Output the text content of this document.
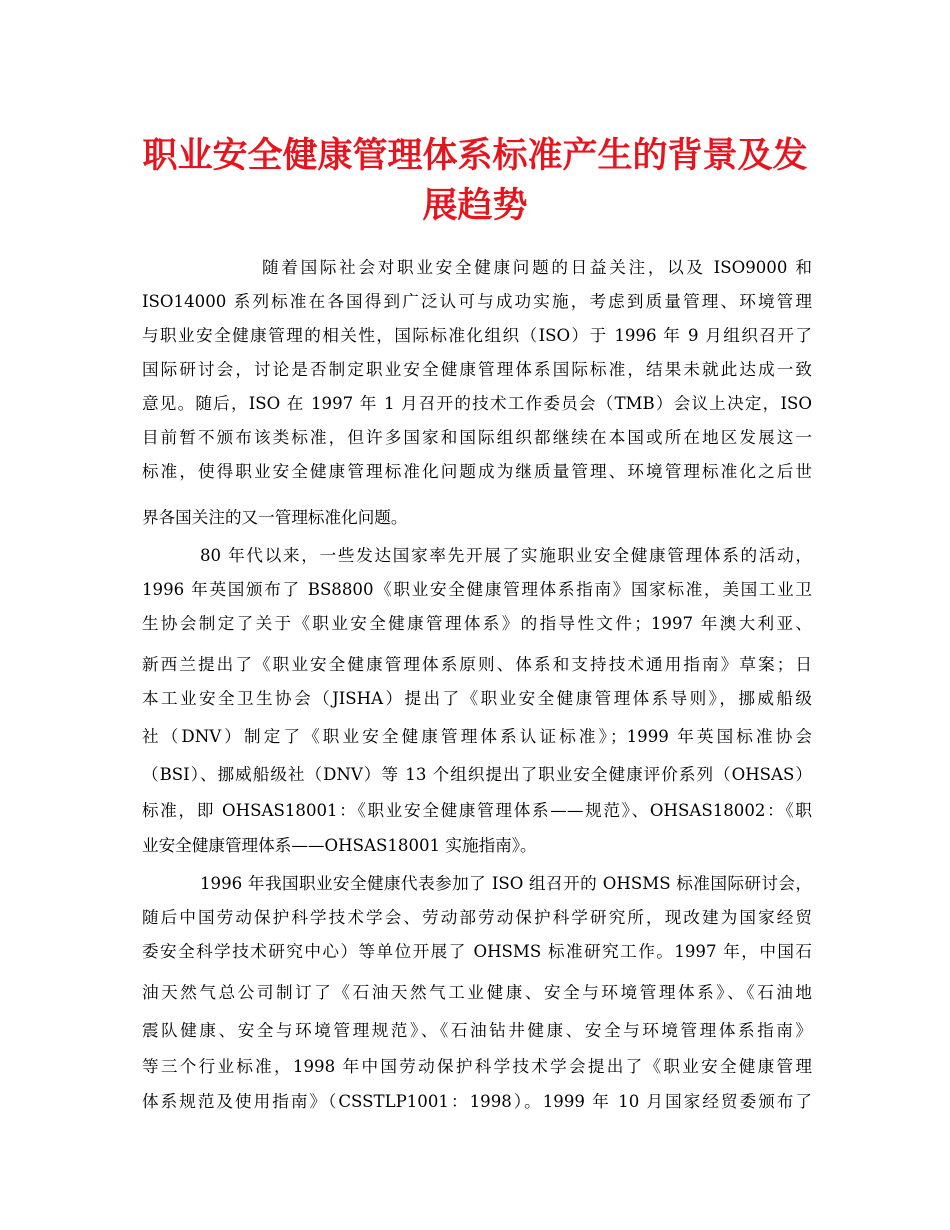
职业安全健康管理体系标准产生的背景及发
展趋势
随着国际社会对职业安全健康问题的日益关注，以及 ISO9000 和
ISO14000 系列标准在各国得到广泛认可与成功实施，考虑到质量管理、环境管理
与职业安全健康管理的相关性，国际标准化组织（ISO）于 1996 年 9 月组织召开了
国际研讨会，讨论是否制定职业安全健康管理体系国际标准，结果未就此达成一致
意见。随后，ISO 在 1997 年 1 月召开的技术工作委员会（TMB）会议上决定，ISO
目前暂不颁布该类标准，但许多国家和国际组织都继续在本国或所在地区发展这一
标准，使得职业安全健康管理标准化问题成为继质量管理、环境管理标准化之后世
界各国关注的又一管理标准化问题。
80 年代以来，一些发达国家率先开展了实施职业安全健康管理体系的活动，
1996 年英国颁布了 BS8800《职业安全健康管理体系指南》国家标准，美国工业卫
生协会制定了关于《职业安全健康管理体系》的指导性文件；1997 年澳大利亚、
新西兰提出了《职业安全健康管理体系原则、体系和支持技术通用指南》草案；日
本工业安全卫生协会（JISHA）提出了《职业安全健康管理体系导则》，挪威船级
社（DNV）制定了《职业安全健康管理体系认证标准》；1999 年英国标准协会
（BSI）、挪威船级社（DNV）等 13 个组织提出了职业安全健康评价系列（OHSAS）
标准，即 OHSAS18001：《职业安全健康管理体系——规范》、OHSAS18002：《职
业安全健康管理体系——OHSAS18001 实施指南》。
1996 年我国职业安全健康代表参加了 ISO 组召开的 OHSMS 标准国际研讨会，
随后中国劳动保护科学技术学会、劳动部劳动保护科学研究所，现改建为国家经贸
委安全科学技术研究中心）等单位开展了 OHSMS 标准研究工作。1997 年，中国石
油天然气总公司制订了《石油天然气工业健康、安全与环境管理体系》、《石油地
震队健康、安全与环境管理规范》、《石油钻井健康、安全与环境管理体系指南》
等三个行业标准，1998 年中国劳动保护科学技术学会提出了《职业安全健康管理
体系规范及使用指南》（CSSTLP1001：1998）。1999 年 10 月国家经贸委颁布了
